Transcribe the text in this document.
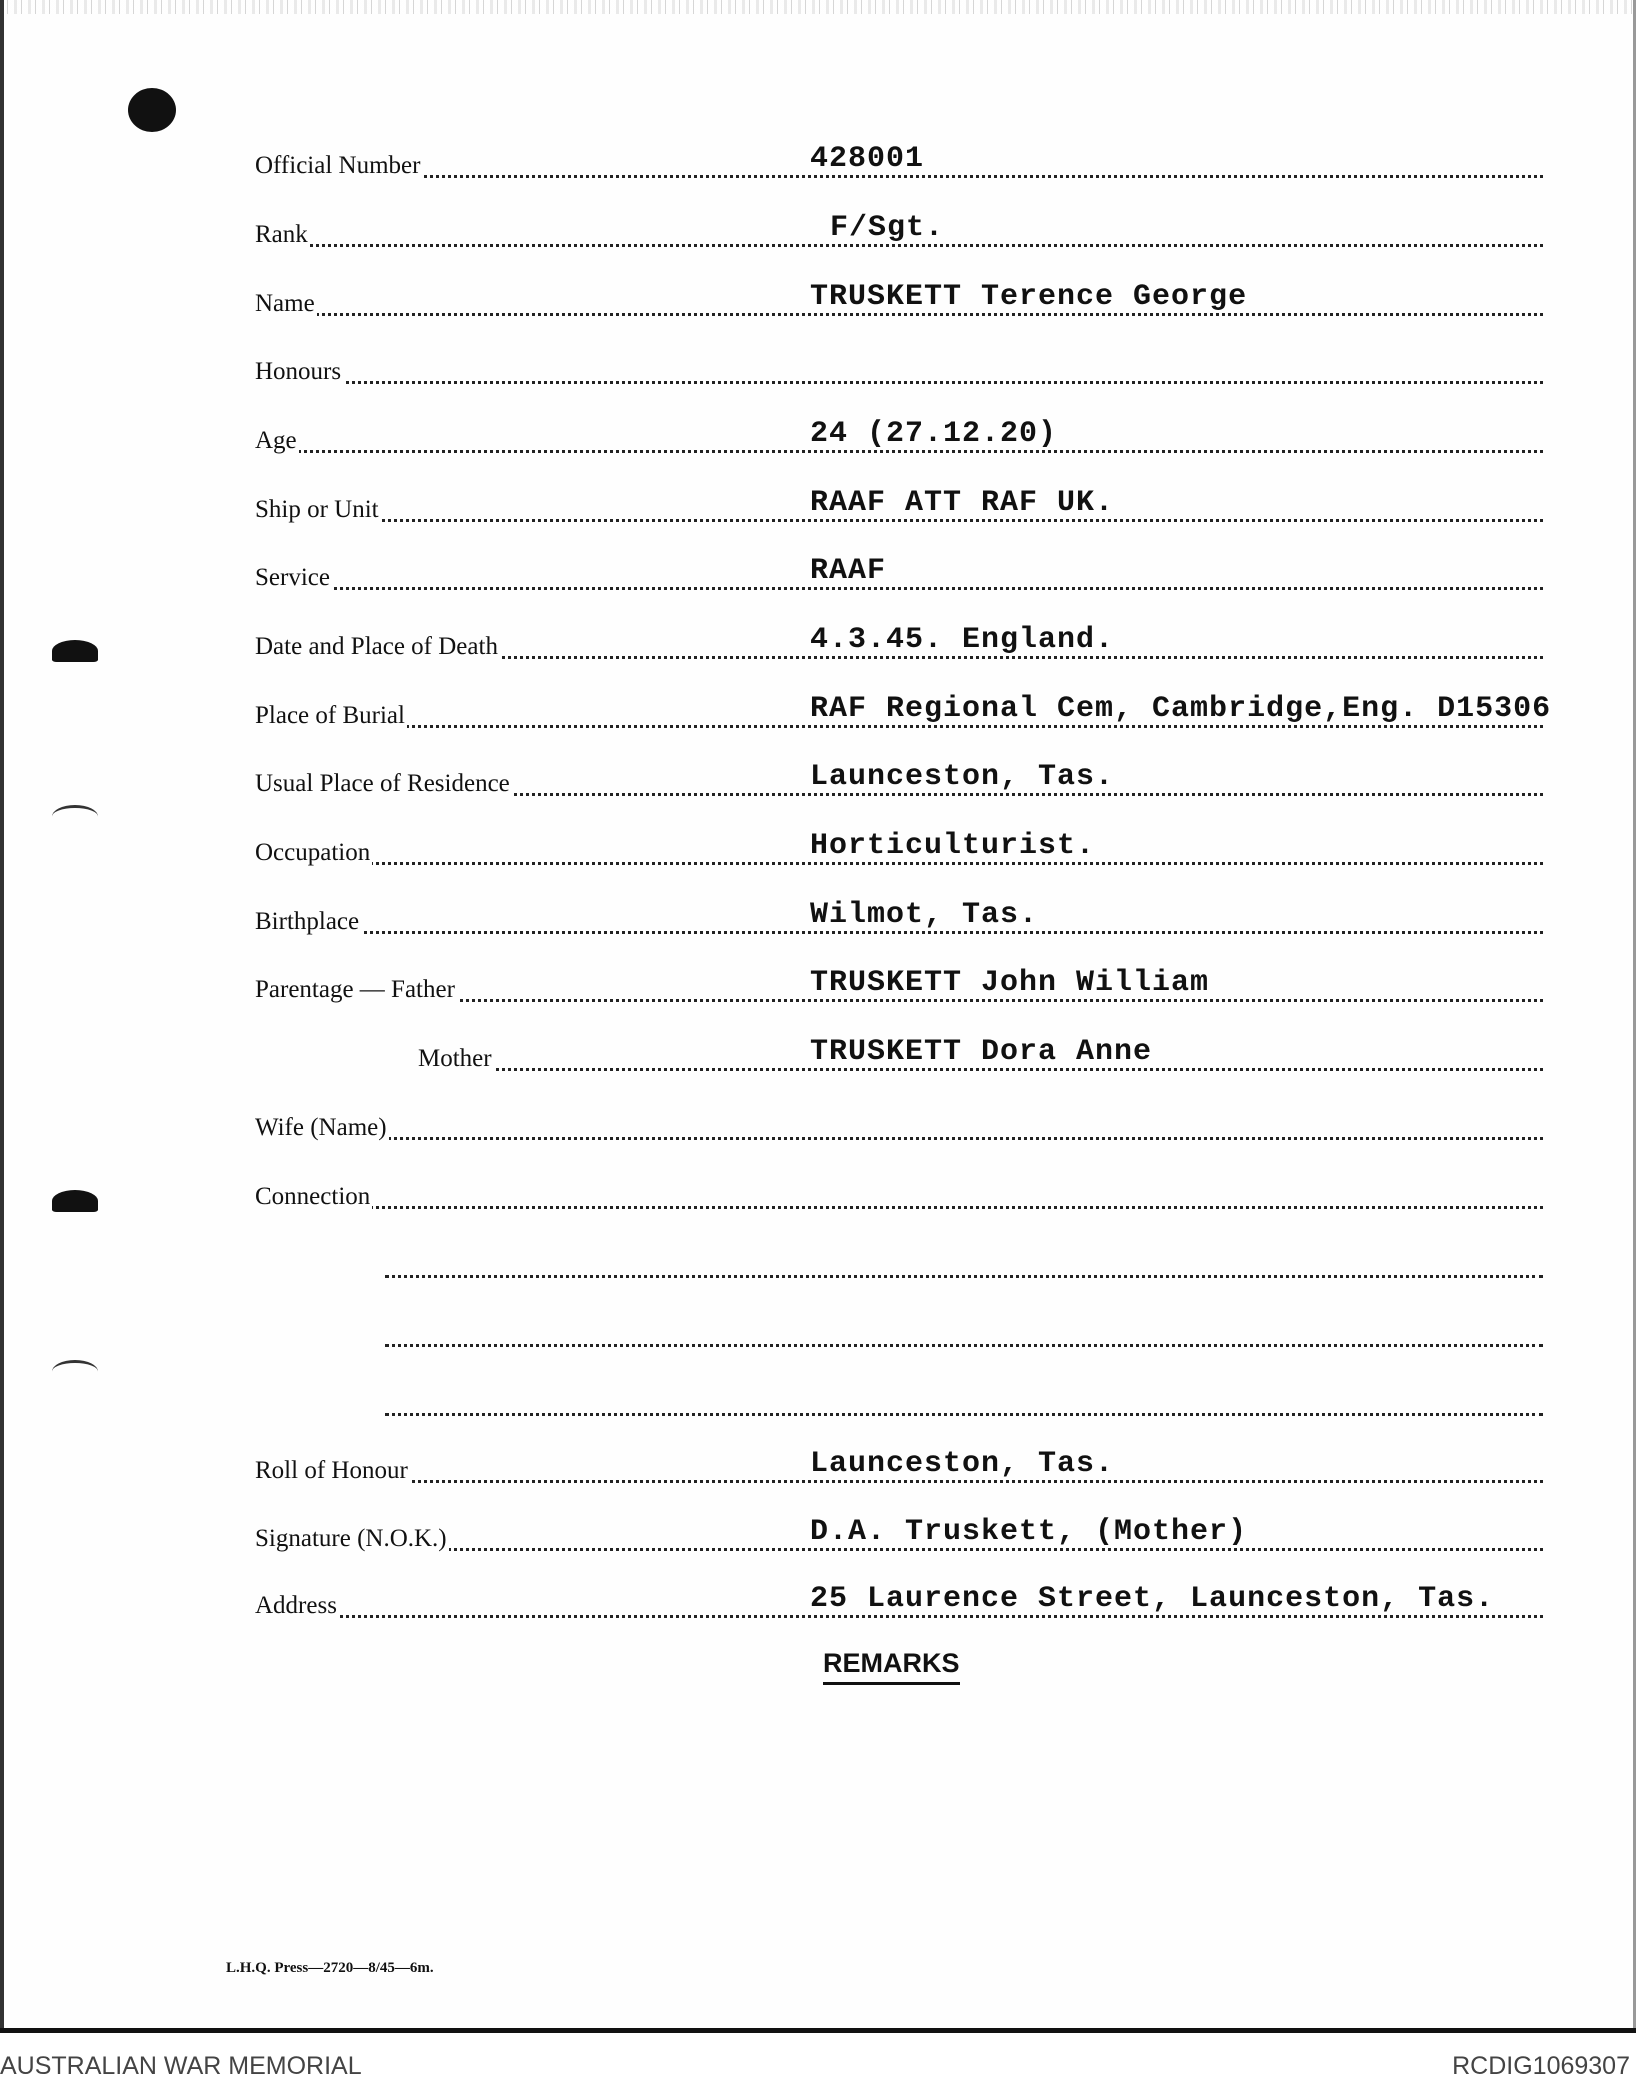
Official Number	428001
Rank	F/Sgt.
Name	TRUSKETT Terence George
Honours
Age	24 (27.12.20)
Ship or Unit	RAAF ATT RAF UK.
Service	RAAF
Date and Place of Death	4.3.45. England.
Place of Burial	RAF Regional Cem, Cambridge,Eng. D15306
Usual Place of Residence	Launceston, Tas.
Occupation	Horticulturist.
Birthplace	Wilmot, Tas.
Parentage — Father	TRUSKETT John William
Mother	TRUSKETT Dora Anne
Wife (Name)
Connection
Roll of Honour	Launceston, Tas.
Signature (N.O.K.)	D.A. Truskett, (Mother)
Address	25 Laurence Street, Launceston, Tas.
REMARKS
L.H.Q. Press—2720—8/45—6m.
AUSTRALIAN WAR MEMORIAL	RCDIG1069307
